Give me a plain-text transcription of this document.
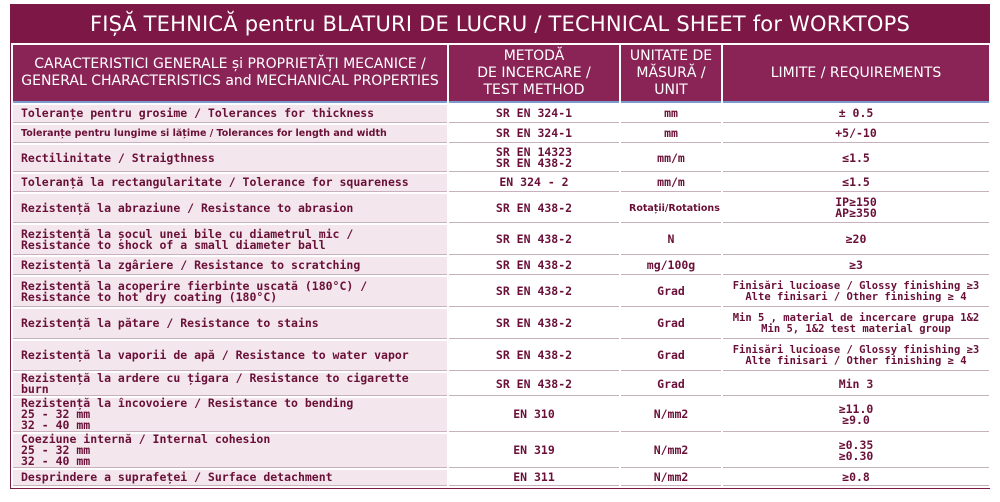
FIȘĂ TEHNICĂ pentru BLATURI DE LUCRU / TECHNICAL SHEET for WORKTOPS
CARACTERISTICI GENERALE și PROPRIETĂȚI MECANICE /
GENERAL CHARACTERISTICS and MECHANICAL PROPERTIES	METODĂ
DE INCERCARE /
TEST METHOD	UNITATE DE
MĂSURĂ /
UNIT	LIMITE / REQUIREMENTS

Toleranțe pentru grosime / Tolerances for thickness	SR EN 324-1	mm	± 0.5

Toleranțe pentru lungime si lățime / Tolerances for length and width	SR EN 324-1	mm	+5/-10

Rectilinitate / Straigthness	SR EN 14323
SR EN 438-2	mm/m	≤1.5

Toleranță la rectangularitate / Tolerance for squareness	EN 324 - 2	mm/m	≤1.5

Rezistență la abraziune / Resistance to abrasion	SR EN 438-2	Rotații/Rotations	IP≥150
AP≥350

Rezistență la șocul unei bile cu diametrul mic /
Resistance to shock of a small diameter ball	SR EN 438-2	N	≥20

Rezistență la zgâriere / Resistance to scratching	SR EN 438-2	mg/100g	≥3

Rezistență la acoperire fierbinte uscată (180°C) /
Resistance to hot dry coating (180°C)	SR EN 438-2	Grad	Finisări lucioase / Glossy finishing ≥3
Alte finisari / Other finishing ≥ 4

Rezistență la pătare / Resistance to stains	SR EN 438-2	Grad	Min 5 , material de incercare grupa 1&2
Min 5, 1&2 test material group

Rezistență la vaporii de apă / Resistance to water vapor	SR EN 438-2	Grad	Finisări lucioase / Glossy finishing ≥3
Alte finisari / Other finishing ≥ 4

Rezistență la ardere cu țigara / Resistance to cigarette burn	SR EN 438-2	Grad	Min 3

Rezistență la încovoiere / Resistance to bending
25 - 32 mm
32 - 40 mm	EN 310	N/mm2	≥11.0
≥9.0

Coeziune internă / Internal cohesion
25 - 32 mm
32 - 40 mm	EN 319	N/mm2	≥0.35
≥0.30

Desprindere a suprafeței / Surface detachment	EN 311	N/mm2	≥0.8
